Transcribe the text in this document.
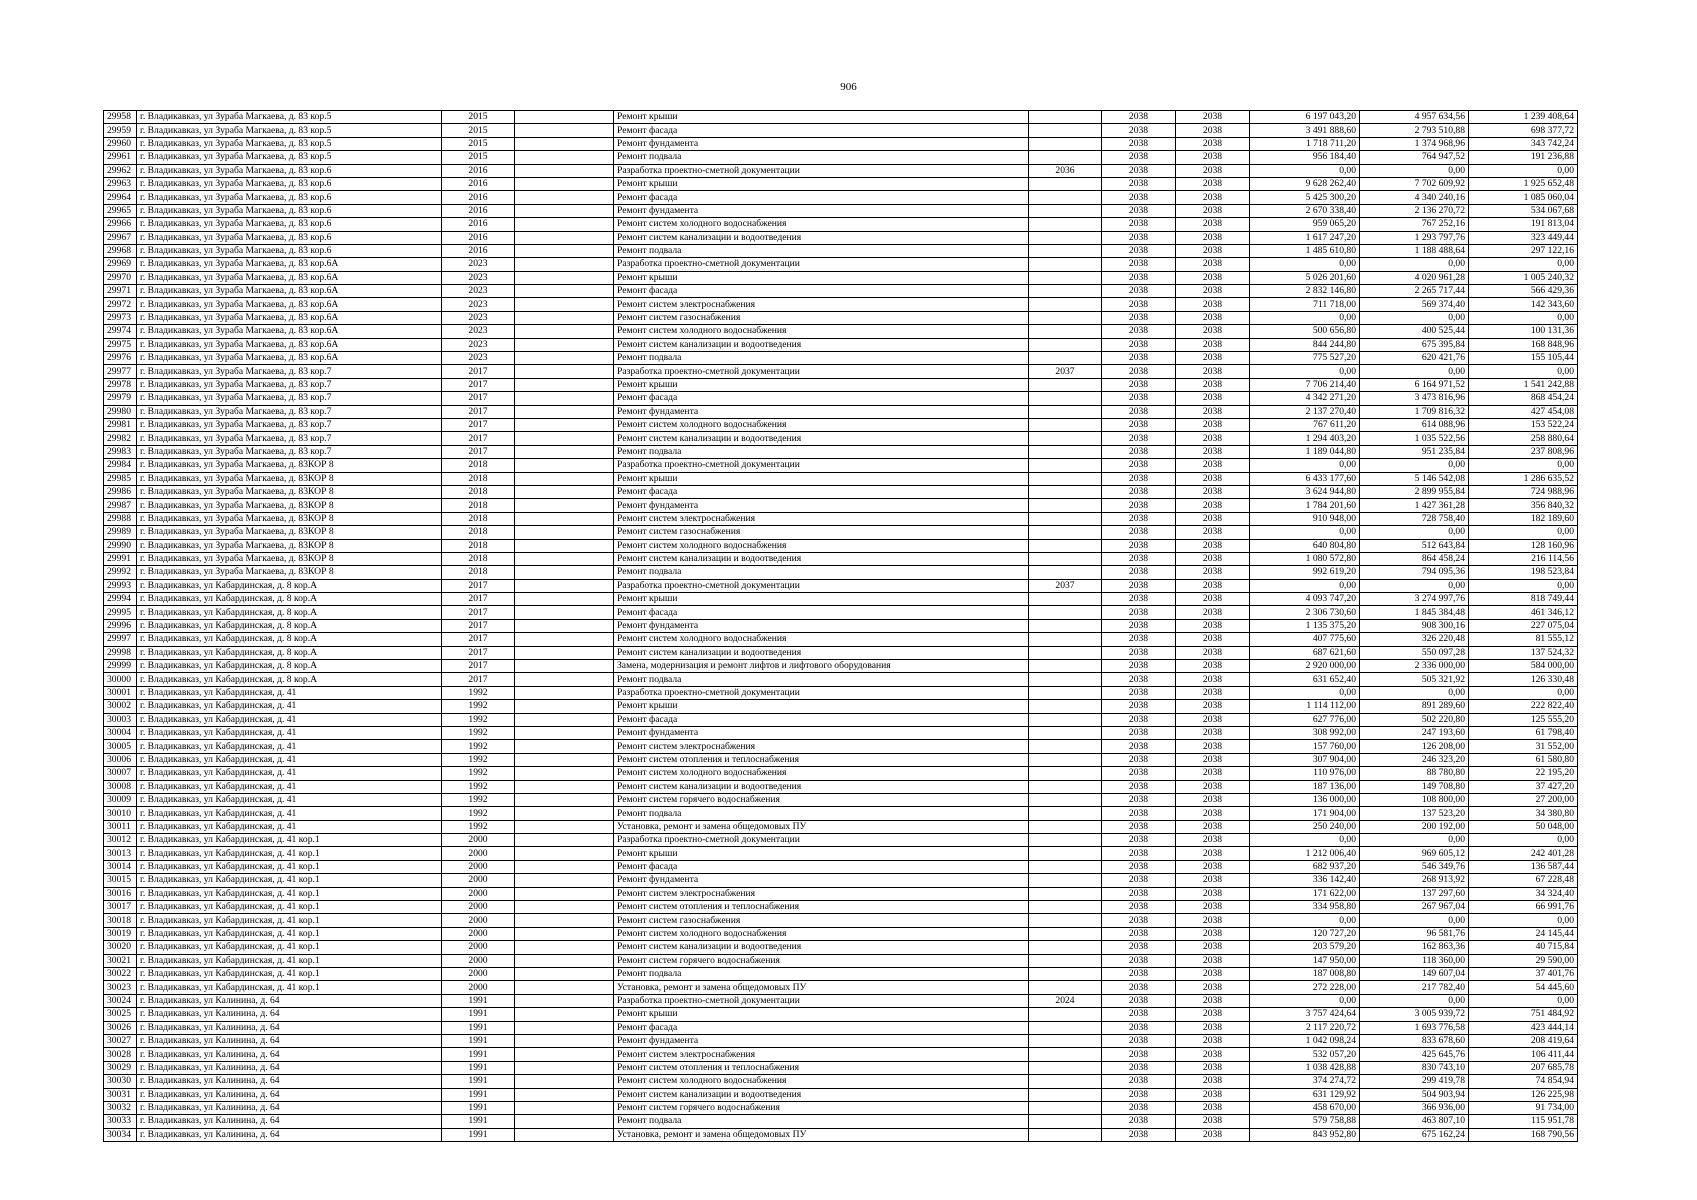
906
29958	г. Владикавказ, ул Зураба Магкаева, д. 83 кор.5	2015		Ремонт крыши		2038	2038	6 197 043,20	4 957 634,56	1 239 408,64
29959	г. Владикавказ, ул Зураба Магкаева, д. 83 кор.5	2015		Ремонт фасада		2038	2038	3 491 888,60	2 793 510,88	698 377,72
29960	г. Владикавказ, ул Зураба Магкаева, д. 83 кор.5	2015		Ремонт фундамента		2038	2038	1 718 711,20	1 374 968,96	343 742,24
29961	г. Владикавказ, ул Зураба Магкаева, д. 83 кор.5	2015		Ремонт подвала		2038	2038	956 184,40	764 947,52	191 236,88
29962	г. Владикавказ, ул Зураба Магкаева, д. 83 кор.6	2016		Разработка проектно-сметной документации	2036	2038	2038	0,00	0,00	0,00
29963	г. Владикавказ, ул Зураба Магкаева, д. 83 кор.6	2016		Ремонт крыши		2038	2038	9 628 262,40	7 702 609,92	1 925 652,48
29964	г. Владикавказ, ул Зураба Магкаева, д. 83 кор.6	2016		Ремонт фасада		2038	2038	5 425 300,20	4 340 240,16	1 085 060,04
29965	г. Владикавказ, ул Зураба Магкаева, д. 83 кор.6	2016		Ремонт фундамента		2038	2038	2 670 338,40	2 136 270,72	534 067,68
29966	г. Владикавказ, ул Зураба Магкаева, д. 83 кор.6	2016		Ремонт систем холодного водоснабжения		2038	2038	959 065,20	767 252,16	191 813,04
29967	г. Владикавказ, ул Зураба Магкаева, д. 83 кор.6	2016		Ремонт систем канализации и водоотведения		2038	2038	1 617 247,20	1 293 797,76	323 449,44
29968	г. Владикавказ, ул Зураба Магкаева, д. 83 кор.6	2016		Ремонт подвала		2038	2038	1 485 610,80	1 188 488,64	297 122,16
29969	г. Владикавказ, ул Зураба Магкаева, д. 83 кор.6А	2023		Разработка проектно-сметной документации		2038	2038	0,00	0,00	0,00
29970	г. Владикавказ, ул Зураба Магкаева, д. 83 кор.6А	2023		Ремонт крыши		2038	2038	5 026 201,60	4 020 961,28	1 005 240,32
29971	г. Владикавказ, ул Зураба Магкаева, д. 83 кор.6А	2023		Ремонт фасада		2038	2038	2 832 146,80	2 265 717,44	566 429,36
29972	г. Владикавказ, ул Зураба Магкаева, д. 83 кор.6А	2023		Ремонт систем электроснабжения		2038	2038	711 718,00	569 374,40	142 343,60
29973	г. Владикавказ, ул Зураба Магкаева, д. 83 кор.6А	2023		Ремонт систем газоснабжения		2038	2038	0,00	0,00	0,00
29974	г. Владикавказ, ул Зураба Магкаева, д. 83 кор.6А	2023		Ремонт систем холодного водоснабжения		2038	2038	500 656,80	400 525,44	100 131,36
29975	г. Владикавказ, ул Зураба Магкаева, д. 83 кор.6А	2023		Ремонт систем канализации и водоотведения		2038	2038	844 244,80	675 395,84	168 848,96
29976	г. Владикавказ, ул Зураба Магкаева, д. 83 кор.6А	2023		Ремонт подвала		2038	2038	775 527,20	620 421,76	155 105,44
29977	г. Владикавказ, ул Зураба Магкаева, д. 83 кор.7	2017		Разработка проектно-сметной документации	2037	2038	2038	0,00	0,00	0,00
29978	г. Владикавказ, ул Зураба Магкаева, д. 83 кор.7	2017		Ремонт крыши		2038	2038	7 706 214,40	6 164 971,52	1 541 242,88
29979	г. Владикавказ, ул Зураба Магкаева, д. 83 кор.7	2017		Ремонт фасада		2038	2038	4 342 271,20	3 473 816,96	868 454,24
29980	г. Владикавказ, ул Зураба Магкаева, д. 83 кор.7	2017		Ремонт фундамента		2038	2038	2 137 270,40	1 709 816,32	427 454,08
29981	г. Владикавказ, ул Зураба Магкаева, д. 83 кор.7	2017		Ремонт систем холодного водоснабжения		2038	2038	767 611,20	614 088,96	153 522,24
29982	г. Владикавказ, ул Зураба Магкаева, д. 83 кор.7	2017		Ремонт систем канализации и водоотведения		2038	2038	1 294 403,20	1 035 522,56	258 880,64
29983	г. Владикавказ, ул Зураба Магкаева, д. 83 кор.7	2017		Ремонт подвала		2038	2038	1 189 044,80	951 235,84	237 808,96
29984	г. Владикавказ, ул Зураба Магкаева, д. 83КОР 8	2018		Разработка проектно-сметной документации		2038	2038	0,00	0,00	0,00
29985	г. Владикавказ, ул Зураба Магкаева, д. 83КОР 8	2018		Ремонт крыши		2038	2038	6 433 177,60	5 146 542,08	1 286 635,52
29986	г. Владикавказ, ул Зураба Магкаева, д. 83КОР 8	2018		Ремонт фасада		2038	2038	3 624 944,80	2 899 955,84	724 988,96
29987	г. Владикавказ, ул Зураба Магкаева, д. 83КОР 8	2018		Ремонт фундамента		2038	2038	1 784 201,60	1 427 361,28	356 840,32
29988	г. Владикавказ, ул Зураба Магкаева, д. 83КОР 8	2018		Ремонт систем электроснабжения		2038	2038	910 948,00	728 758,40	182 189,60
29989	г. Владикавказ, ул Зураба Магкаева, д. 83КОР 8	2018		Ремонт систем газоснабжения		2038	2038	0,00	0,00	0,00
29990	г. Владикавказ, ул Зураба Магкаева, д. 83КОР 8	2018		Ремонт систем холодного водоснабжения		2038	2038	640 804,80	512 643,84	128 160,96
29991	г. Владикавказ, ул Зураба Магкаева, д. 83КОР 8	2018		Ремонт систем канализации и водоотведения		2038	2038	1 080 572,80	864 458,24	216 114,56
29992	г. Владикавказ, ул Зураба Магкаева, д. 83КОР 8	2018		Ремонт подвала		2038	2038	992 619,20	794 095,36	198 523,84
29993	г. Владикавказ, ул Кабардинская, д. 8 кор.А	2017		Разработка проектно-сметной документации	2037	2038	2038	0,00	0,00	0,00
29994	г. Владикавказ, ул Кабардинская, д. 8 кор.А	2017		Ремонт крыши		2038	2038	4 093 747,20	3 274 997,76	818 749,44
29995	г. Владикавказ, ул Кабардинская, д. 8 кор.А	2017		Ремонт фасада		2038	2038	2 306 730,60	1 845 384,48	461 346,12
29996	г. Владикавказ, ул Кабардинская, д. 8 кор.А	2017		Ремонт фундамента		2038	2038	1 135 375,20	908 300,16	227 075,04
29997	г. Владикавказ, ул Кабардинская, д. 8 кор.А	2017		Ремонт систем холодного водоснабжения		2038	2038	407 775,60	326 220,48	81 555,12
29998	г. Владикавказ, ул Кабардинская, д. 8 кор.А	2017		Ремонт систем канализации и водоотведения		2038	2038	687 621,60	550 097,28	137 524,32
29999	г. Владикавказ, ул Кабардинская, д. 8 кор.А	2017		Замена, модернизация и ремонт лифтов и лифтового оборудования		2038	2038	2 920 000,00	2 336 000,00	584 000,00
30000	г. Владикавказ, ул Кабардинская, д. 8 кор.А	2017		Ремонт подвала		2038	2038	631 652,40	505 321,92	126 330,48
30001	г. Владикавказ, ул Кабардинская, д. 41	1992		Разработка проектно-сметной документации		2038	2038	0,00	0,00	0,00
30002	г. Владикавказ, ул Кабардинская, д. 41	1992		Ремонт крыши		2038	2038	1 114 112,00	891 289,60	222 822,40
30003	г. Владикавказ, ул Кабардинская, д. 41	1992		Ремонт фасада		2038	2038	627 776,00	502 220,80	125 555,20
30004	г. Владикавказ, ул Кабардинская, д. 41	1992		Ремонт фундамента		2038	2038	308 992,00	247 193,60	61 798,40
30005	г. Владикавказ, ул Кабардинская, д. 41	1992		Ремонт систем электроснабжения		2038	2038	157 760,00	126 208,00	31 552,00
30006	г. Владикавказ, ул Кабардинская, д. 41	1992		Ремонт систем отопления и теплоснабжения		2038	2038	307 904,00	246 323,20	61 580,80
30007	г. Владикавказ, ул Кабардинская, д. 41	1992		Ремонт систем холодного водоснабжения		2038	2038	110 976,00	88 780,80	22 195,20
30008	г. Владикавказ, ул Кабардинская, д. 41	1992		Ремонт систем канализации и водоотведения		2038	2038	187 136,00	149 708,80	37 427,20
30009	г. Владикавказ, ул Кабардинская, д. 41	1992		Ремонт систем горячего водоснабжения		2038	2038	136 000,00	108 800,00	27 200,00
30010	г. Владикавказ, ул Кабардинская, д. 41	1992		Ремонт подвала		2038	2038	171 904,00	137 523,20	34 380,80
30011	г. Владикавказ, ул Кабардинская, д. 41	1992		Установка, ремонт и замена общедомовых ПУ		2038	2038	250 240,00	200 192,00	50 048,00
30012	г. Владикавказ, ул Кабардинская, д. 41 кор.1	2000		Разработка проектно-сметной документации		2038	2038	0,00	0,00	0,00
30013	г. Владикавказ, ул Кабардинская, д. 41 кор.1	2000		Ремонт крыши		2038	2038	1 212 006,40	969 605,12	242 401,28
30014	г. Владикавказ, ул Кабардинская, д. 41 кор.1	2000		Ремонт фасада		2038	2038	682 937,20	546 349,76	136 587,44
30015	г. Владикавказ, ул Кабардинская, д. 41 кор.1	2000		Ремонт фундамента		2038	2038	336 142,40	268 913,92	67 228,48
30016	г. Владикавказ, ул Кабардинская, д. 41 кор.1	2000		Ремонт систем электроснабжения		2038	2038	171 622,00	137 297,60	34 324,40
30017	г. Владикавказ, ул Кабардинская, д. 41 кор.1	2000		Ремонт систем отопления и теплоснабжения		2038	2038	334 958,80	267 967,04	66 991,76
30018	г. Владикавказ, ул Кабардинская, д. 41 кор.1	2000		Ремонт систем газоснабжения		2038	2038	0,00	0,00	0,00
30019	г. Владикавказ, ул Кабардинская, д. 41 кор.1	2000		Ремонт систем холодного водоснабжения		2038	2038	120 727,20	96 581,76	24 145,44
30020	г. Владикавказ, ул Кабардинская, д. 41 кор.1	2000		Ремонт систем канализации и водоотведения		2038	2038	203 579,20	162 863,36	40 715,84
30021	г. Владикавказ, ул Кабардинская, д. 41 кор.1	2000		Ремонт систем горячего водоснабжения		2038	2038	147 950,00	118 360,00	29 590,00
30022	г. Владикавказ, ул Кабардинская, д. 41 кор.1	2000		Ремонт подвала		2038	2038	187 008,80	149 607,04	37 401,76
30023	г. Владикавказ, ул Кабардинская, д. 41 кор.1	2000		Установка, ремонт и замена общедомовых ПУ		2038	2038	272 228,00	217 782,40	54 445,60
30024	г. Владикавказ, ул Калинина, д. 64	1991		Разработка проектно-сметной документации	2024	2038	2038	0,00	0,00	0,00
30025	г. Владикавказ, ул Калинина, д. 64	1991		Ремонт крыши		2038	2038	3 757 424,64	3 005 939,72	751 484,92
30026	г. Владикавказ, ул Калинина, д. 64	1991		Ремонт фасада		2038	2038	2 117 220,72	1 693 776,58	423 444,14
30027	г. Владикавказ, ул Калинина, д. 64	1991		Ремонт фундамента		2038	2038	1 042 098,24	833 678,60	208 419,64
30028	г. Владикавказ, ул Калинина, д. 64	1991		Ремонт систем электроснабжения		2038	2038	532 057,20	425 645,76	106 411,44
30029	г. Владикавказ, ул Калинина, д. 64	1991		Ремонт систем отопления и теплоснабжения		2038	2038	1 038 428,88	830 743,10	207 685,78
30030	г. Владикавказ, ул Калинина, д. 64	1991		Ремонт систем холодного водоснабжения		2038	2038	374 274,72	299 419,78	74 854,94
30031	г. Владикавказ, ул Калинина, д. 64	1991		Ремонт систем канализации и водоотведения		2038	2038	631 129,92	504 903,94	126 225,98
30032	г. Владикавказ, ул Калинина, д. 64	1991		Ремонт систем горячего водоснабжения		2038	2038	458 670,00	366 936,00	91 734,00
30033	г. Владикавказ, ул Калинина, д. 64	1991		Ремонт подвала		2038	2038	579 758,88	463 807,10	115 951,78
30034	г. Владикавказ, ул Калинина, д. 64	1991		Установка, ремонт и замена общедомовых ПУ		2038	2038	843 952,80	675 162,24	168 790,56
